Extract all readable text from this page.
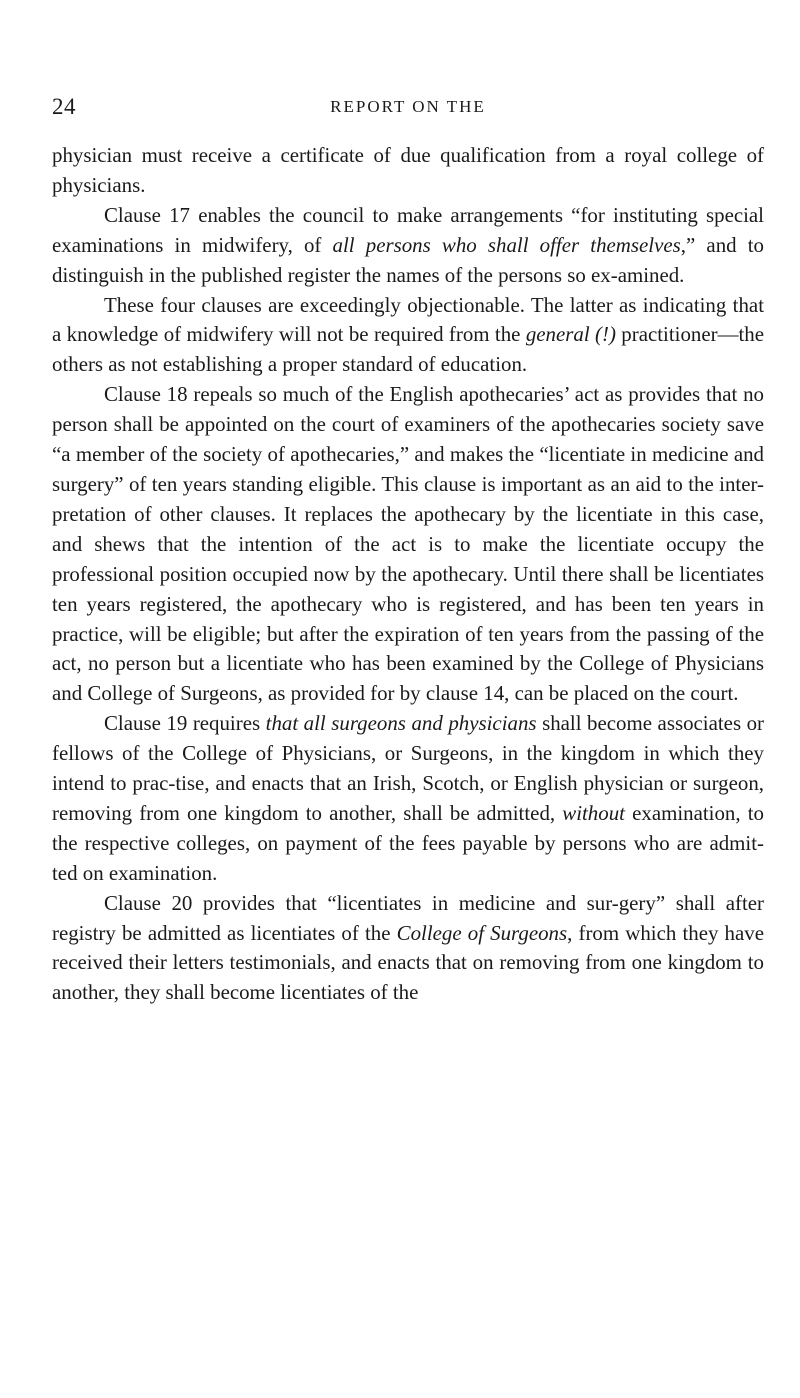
24	REPORT ON THE

physician must receive a certificate of due qualification from a royal college of physicians.

Clause 17 enables the council to make arrangements “for instituting special examinations in midwifery, of all persons who shall offer themselves,” and to distinguish in the published register the names of the persons so ex-amined.

These four clauses are exceedingly objectionable. The latter as indicating that a knowledge of midwifery will not be required from the general (!) practitioner—the others as not establishing a proper standard of education.

Clause 18 repeals so much of the English apothecaries’ act as provides that no person shall be appointed on the court of examiners of the apothecaries society save “a member of the society of apothecaries,” and makes the “licentiate in medicine and surgery” of ten years standing eligible. This clause is important as an aid to the inter-pretation of other clauses. It replaces the apothecary by the licentiate in this case, and shews that the intention of the act is to make the licentiate occupy the professional position occupied now by the apothecary. Until there shall be licentiates ten years registered, the apothecary who is registered, and has been ten years in practice, will be eligible; but after the expiration of ten years from the passing of the act, no person but a licentiate who has been examined by the College of Physicians and College of Surgeons, as provided for by clause 14, can be placed on the court.

Clause 19 requires that all surgeons and physicians shall become associates or fellows of the College of Physicians, or Surgeons, in the kingdom in which they intend to prac-tise, and enacts that an Irish, Scotch, or English physician or surgeon, removing from one kingdom to another, shall be admitted, without examination, to the respective colleges, on payment of the fees payable by persons who are admit-ted on examination.

Clause 20 provides that “licentiates in medicine and sur-gery” shall after registry be admitted as licentiates of the College of Surgeons, from which they have received their letters testimonials, and enacts that on removing from one kingdom to another, they shall become licentiates of the
